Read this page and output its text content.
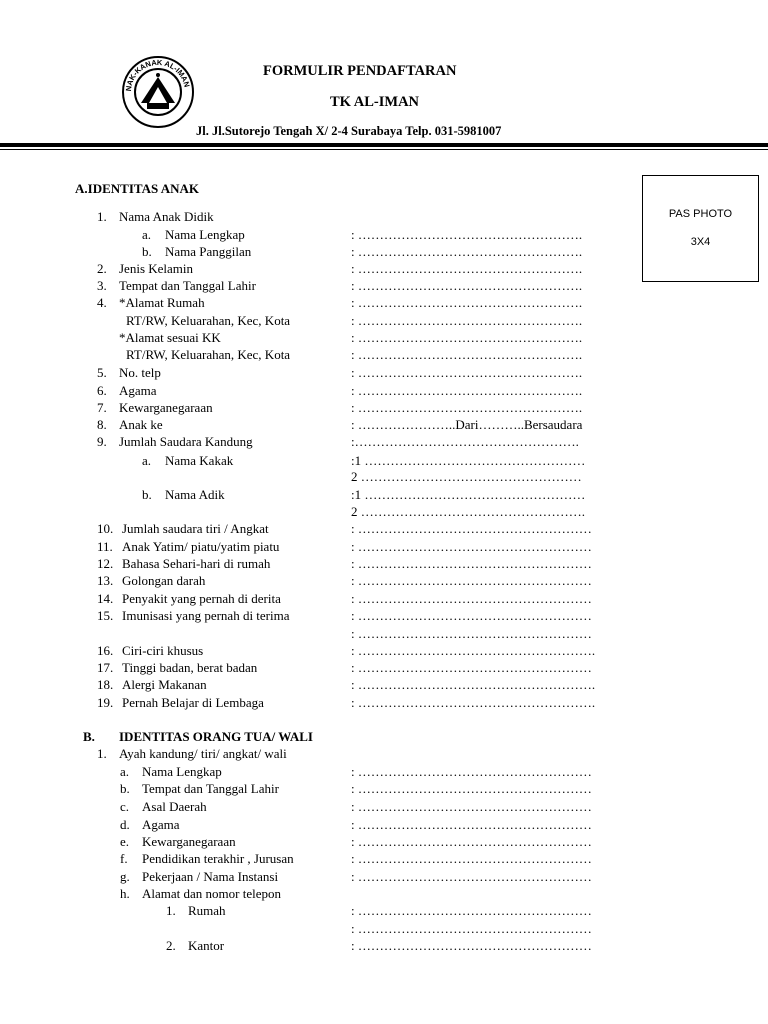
NAK-KANAK AL-IMAN
FORMULIR PENDAFTARAN
TK AL-IMAN
Jl. Jl.Sutorejo Tengah X/ 2-4 Surabaya Telp. 031-5981007
PAS PHOTO
3X4
A.IDENTITAS ANAK
1. Nama Anak Didik
a. Nama Lengkap	: …………………………………………….
b. Nama Panggilan	: …………………………………………….
2. Jenis Kelamin	: …………………………………………….
3. Tempat dan Tanggal Lahir	: …………………………………………….
4. *Alamat Rumah	: …………………………………………….
RT/RW, Keluarahan, Kec, Kota	: …………………………………………….
*Alamat sesuai KK	: …………………………………………….
RT/RW, Keluarahan, Kec, Kota	: …………………………………………….
5. No. telp	: …………………………………………….
6. Agama	: …………………………………………….
7. Kewarganegaraan	: …………………………………………….
8. Anak ke	: …………………..Dari………..Bersaudara
9. Jumlah Saudara Kandung	:…………………………………………….
a. Nama Kakak	:1 ……………………………………………
2 ……………………………………………
b. Nama Adik	:1 ……………………………………………
2 …………………………………………….
10. Jumlah saudara tiri / Angkat	: ………………………………………………
11. Anak Yatim/ piatu/yatim piatu	: ………………………………………………
12. Bahasa Sehari-hari di rumah	: ………………………………………………
13. Golongan darah	: ………………………………………………
14. Penyakit yang pernah di derita	: ………………………………………………
15. Imunisasi yang pernah di terima	: ………………………………………………
: ………………………………………………
16. Ciri-ciri khusus	: ……………………………………………….
17. Tinggi badan, berat badan	: ………………………………………………
18. Alergi Makanan	: ……………………………………………….
19. Pernah Belajar di Lembaga	: ……………………………………………….
B. IDENTITAS ORANG TUA/ WALI
1. Ayah kandung/ tiri/ angkat/ wali
a. Nama Lengkap	: ………………………………………………
b. Tempat dan Tanggal Lahir	: ………………………………………………
c. Asal Daerah	: ………………………………………………
d. Agama	: ………………………………………………
e. Kewarganegaraan	: ………………………………………………
f. Pendidikan terakhir , Jurusan	: ………………………………………………
g. Pekerjaan / Nama Instansi	: ………………………………………………
h. Alamat dan nomor telepon
1. Rumah	: ………………………………………………
: ………………………………………………
2. Kantor	: ………………………………………………
